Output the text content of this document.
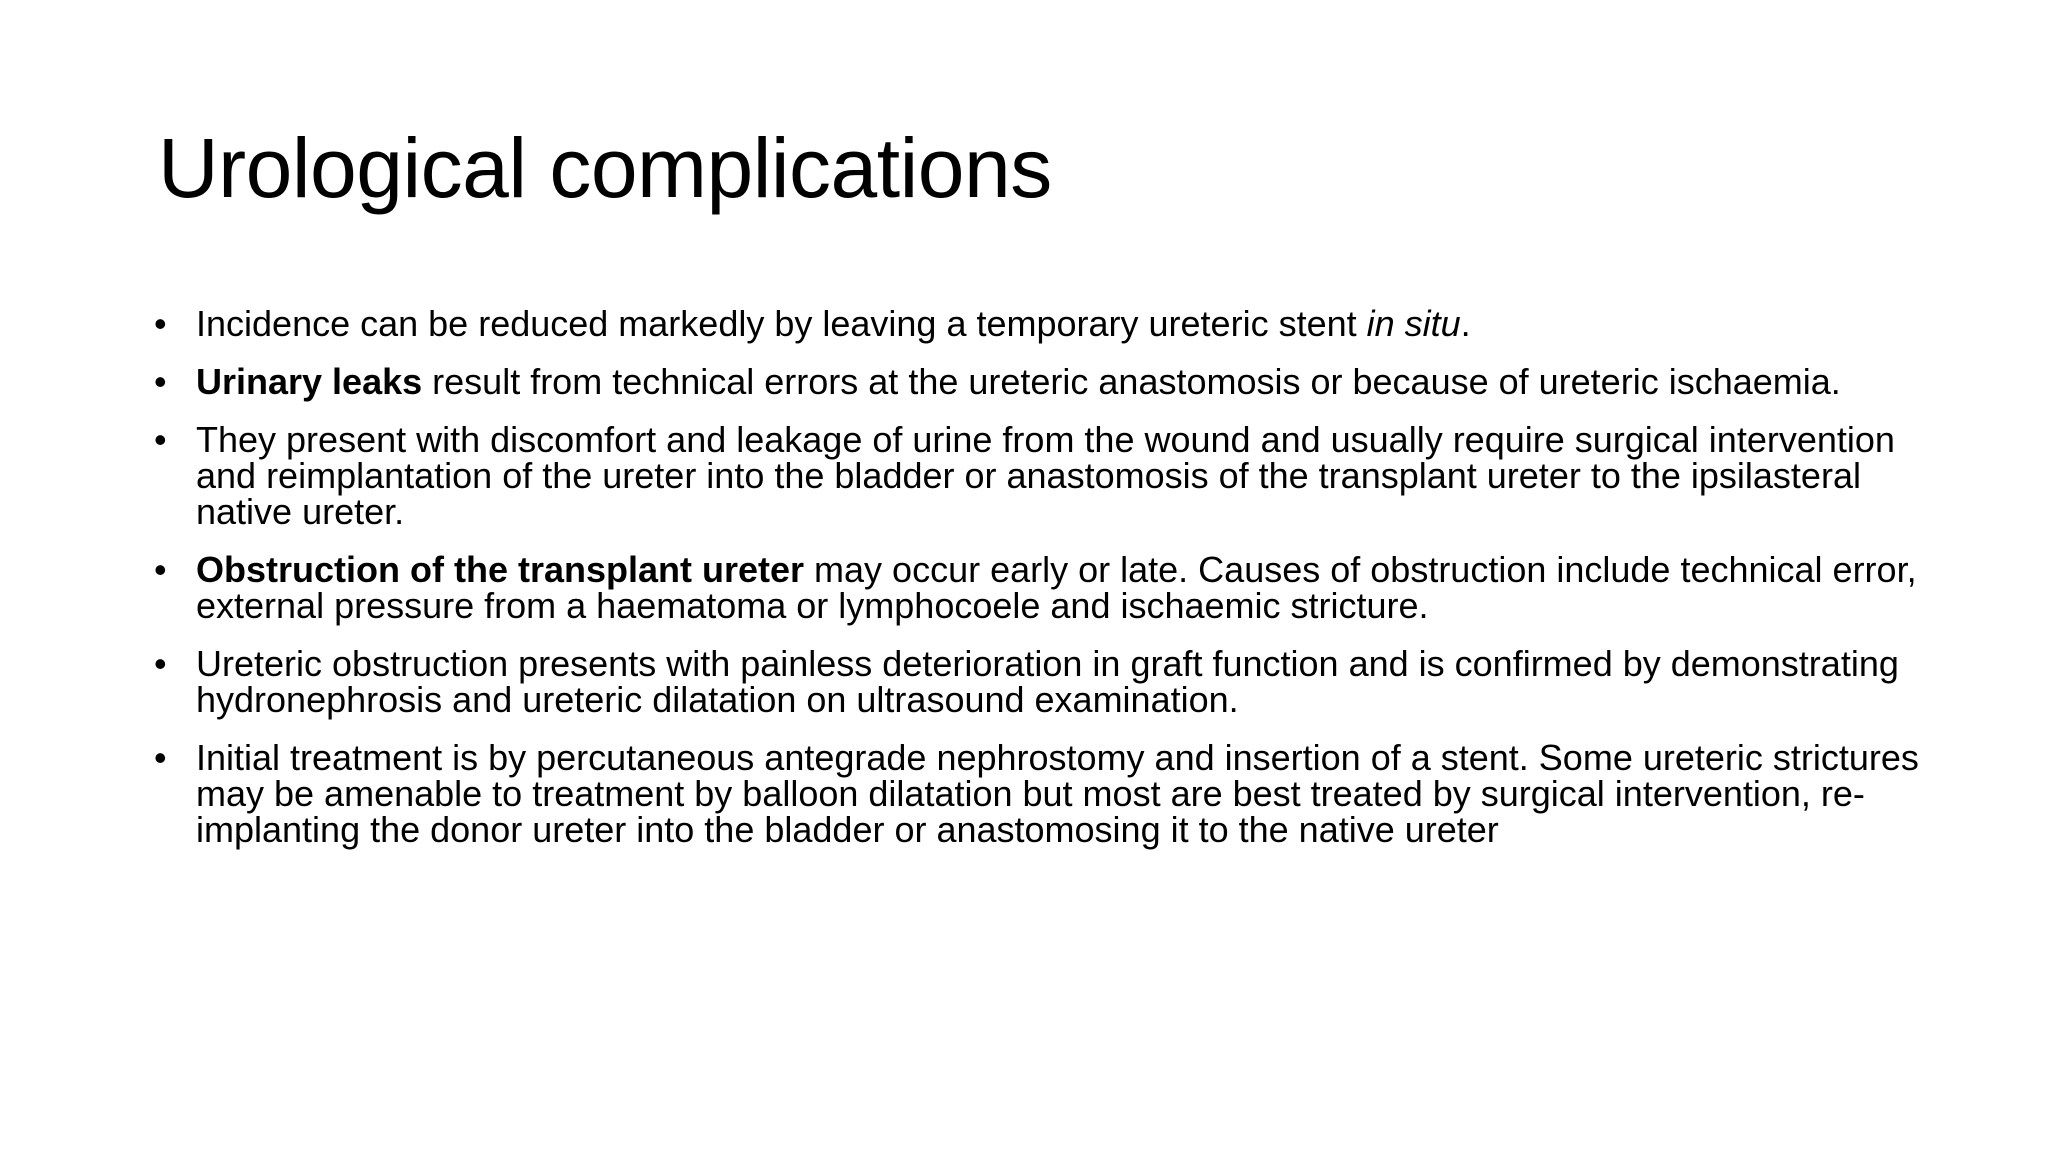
Urological complications
• Incidence can be reduced markedly by leaving a temporary ureteric stent in situ.
• Urinary leaks result from technical errors at the ureteric anastomosis or because of ureteric ischaemia.
• They present with discomfort and leakage of urine from the wound and usually require surgical intervention and reimplantation of the ureter into the bladder or anastomosis of the transplant ureter to the ipsilasteral native ureter.
• Obstruction of the transplant ureter may occur early or late. Causes of obstruction include technical error, external pressure from a haematoma or lymphocoele and ischaemic stricture.
• Ureteric obstruction presents with painless deterioration in graft function and is confirmed by demonstrating hydronephrosis and ureteric dilatation on ultrasound examination.
• Initial treatment is by percutaneous antegrade nephrostomy and insertion of a stent. Some ureteric strictures may be amenable to treatment by balloon dilatation but most are best treated by surgical intervention, re-implanting the donor ureter into the bladder or anastomosing it to the native ureter
